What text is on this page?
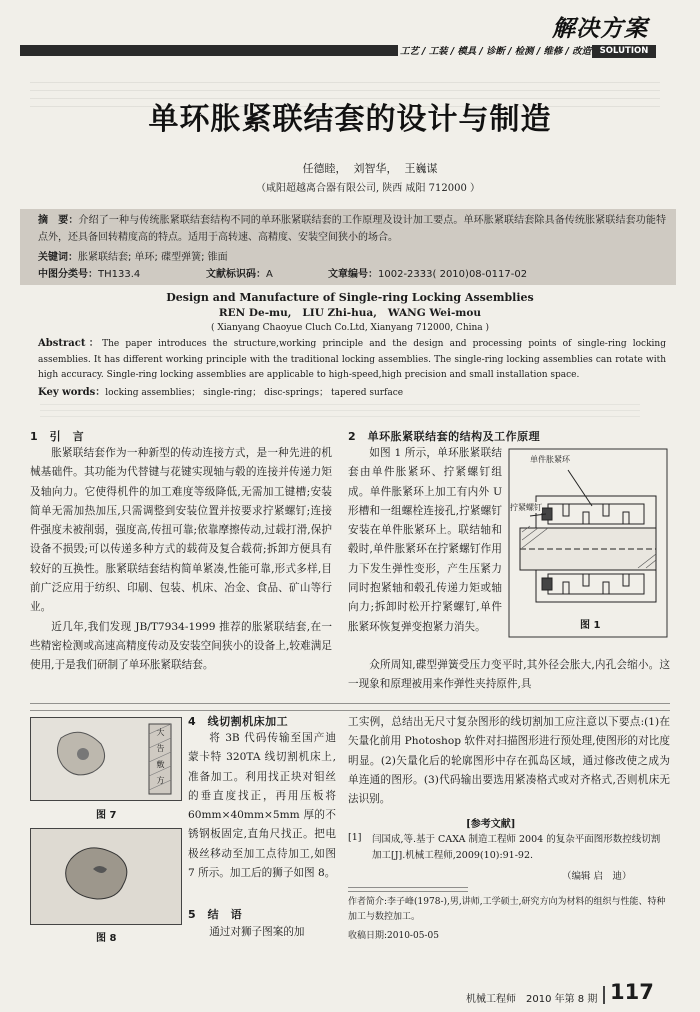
解决方案
工艺 / 工装 / 模具 / 诊断 / 检测 / 维修 / 改造	SOLUTION
单环胀紧联结套的设计与制造
任德睦，  刘智华，  王巍谋
（咸阳超越离合器有限公司, 陕西 咸阳 712000 ）
摘　要：介绍了一种与传统胀紧联结套结构不同的单环胀紧联结套的工作原理及设计加工要点。单环胀紧联结套除具备传统胀紧联结套功能特点外，还具备回转精度高的特点。适用于高转速、高精度、安装空间狭小的场合。
关键词：胀紧联结套; 单环; 碟型弹簧; 锥面
中图分类号：TH133.4	文献标识码：A	文章编号：1002-2333( 2010)08-0117-02
Design and Manufacture of Single-ring Locking Assemblies
REN De-mu,   LIU Zhi-hua,   WANG Wei-mou
( Xianyang Chaoyue Cluch Co.Ltd, Xianyang 712000, China )
Abstract：The paper introduces the structure,working principle and the design and processing points of single-ring locking assemblies. It has different working principle with the traditional locking assemblies. The single-ring locking assemblies can rotate with high accuracy. Single-ring locking assemblies are applicable to high-speed,high precision and small installation space.
Key words：locking assemblies； single-ring； disc-springs； tapered surface
1　引　言

胀紧联结套作为一种新型的传动连接方式，是一种先进的机械基础件。其功能为代替键与花键实现轴与毂的连接并传递力矩及轴向力。它使得机件的加工难度等级降低,无需加工键槽;安装简单无需加热加压,只需调整到安装位置并按要求拧紧螺钉;连接件强度未被削弱，强度高,传扭可靠;依靠摩擦传动,过载打滑,保护设备不损毁;可以传递多种方式的载荷及复合载荷;拆卸方便具有较好的互换性。胀紧联结套结构简单紧凑,性能可靠,形式多样,目前广泛应用于纺织、印刷、包装、机床、冶金、食品、矿山等行业。

近几年,我们发现 JB/T7934-1999 推荐的胀紧联结套,在一些精密检测或高速高精度传动及安装空间狭小的设备上,较难满足使用,于是我们研制了单环胀紧联结套。

2　单环胀紧联结套的结构及工作原理

如图 1 所示，单环胀紧联结套由单件胀紧环、拧紧螺钉组成。单件胀紧环上加工有内外 U 形槽和一组螺栓连接孔,拧紧螺钉安装在单件胀紧环上。联结轴和毂时,单件胀紧环在拧紧螺钉作用力下发生弹性变形，产生压紧力同时抱紧轴和毂孔传递力矩或轴向力;拆卸时松开拧紧螺钉,单件胀紧环恢复弹变抱紧力消失。

众所周知,碟型弹簧受压力变平时,其外径会胀大,内孔会缩小。这一现象和原理被用来作弹性夹持原件,具

单件胀紧环
拧紧螺钉
图 1
大　告　敷　方
图 7
图 8
4　线切割机床加工

将 3B 代码传输至国产迪蒙卡特 320TA 线切割机床上,准备加工。利用找正块对钼丝的垂直度找正，再用压板将 60mm×40mm×5mm 厚的不锈钢板固定,直角尺找正。把电极丝移动至加工点待加工,如图 7 所示。加工后的狮子如图 8。

5　结　语

通过对狮子图案的加

工实例，总结出无尺寸复杂图形的线切割加工应注意以下要点:(1)在矢量化前用 Photoshop 软件对扫描图形进行预处理,使图形的对比度明显。(2)矢量化后的轮廓图形中存在孤岛区域，通过修改使之成为单连通的图形。(3)代码输出要选用紧凑格式或对齐格式,否则机床无法识别。

[参考文献]
[1] 闫国成,等.基于 CAXA 制造工程师 2004 的复杂平面图形数控线切割加工[J].机械工程师,2009(10):91-92.
（编辑 启　迪）
作者简介:李子峰(1978-),男,讲师,工学硕士,研究方向为材料的组织与性能、特种加工与数控加工。
收稿日期:2010-05-05
机械工程师　2010 年第 8 期 117
